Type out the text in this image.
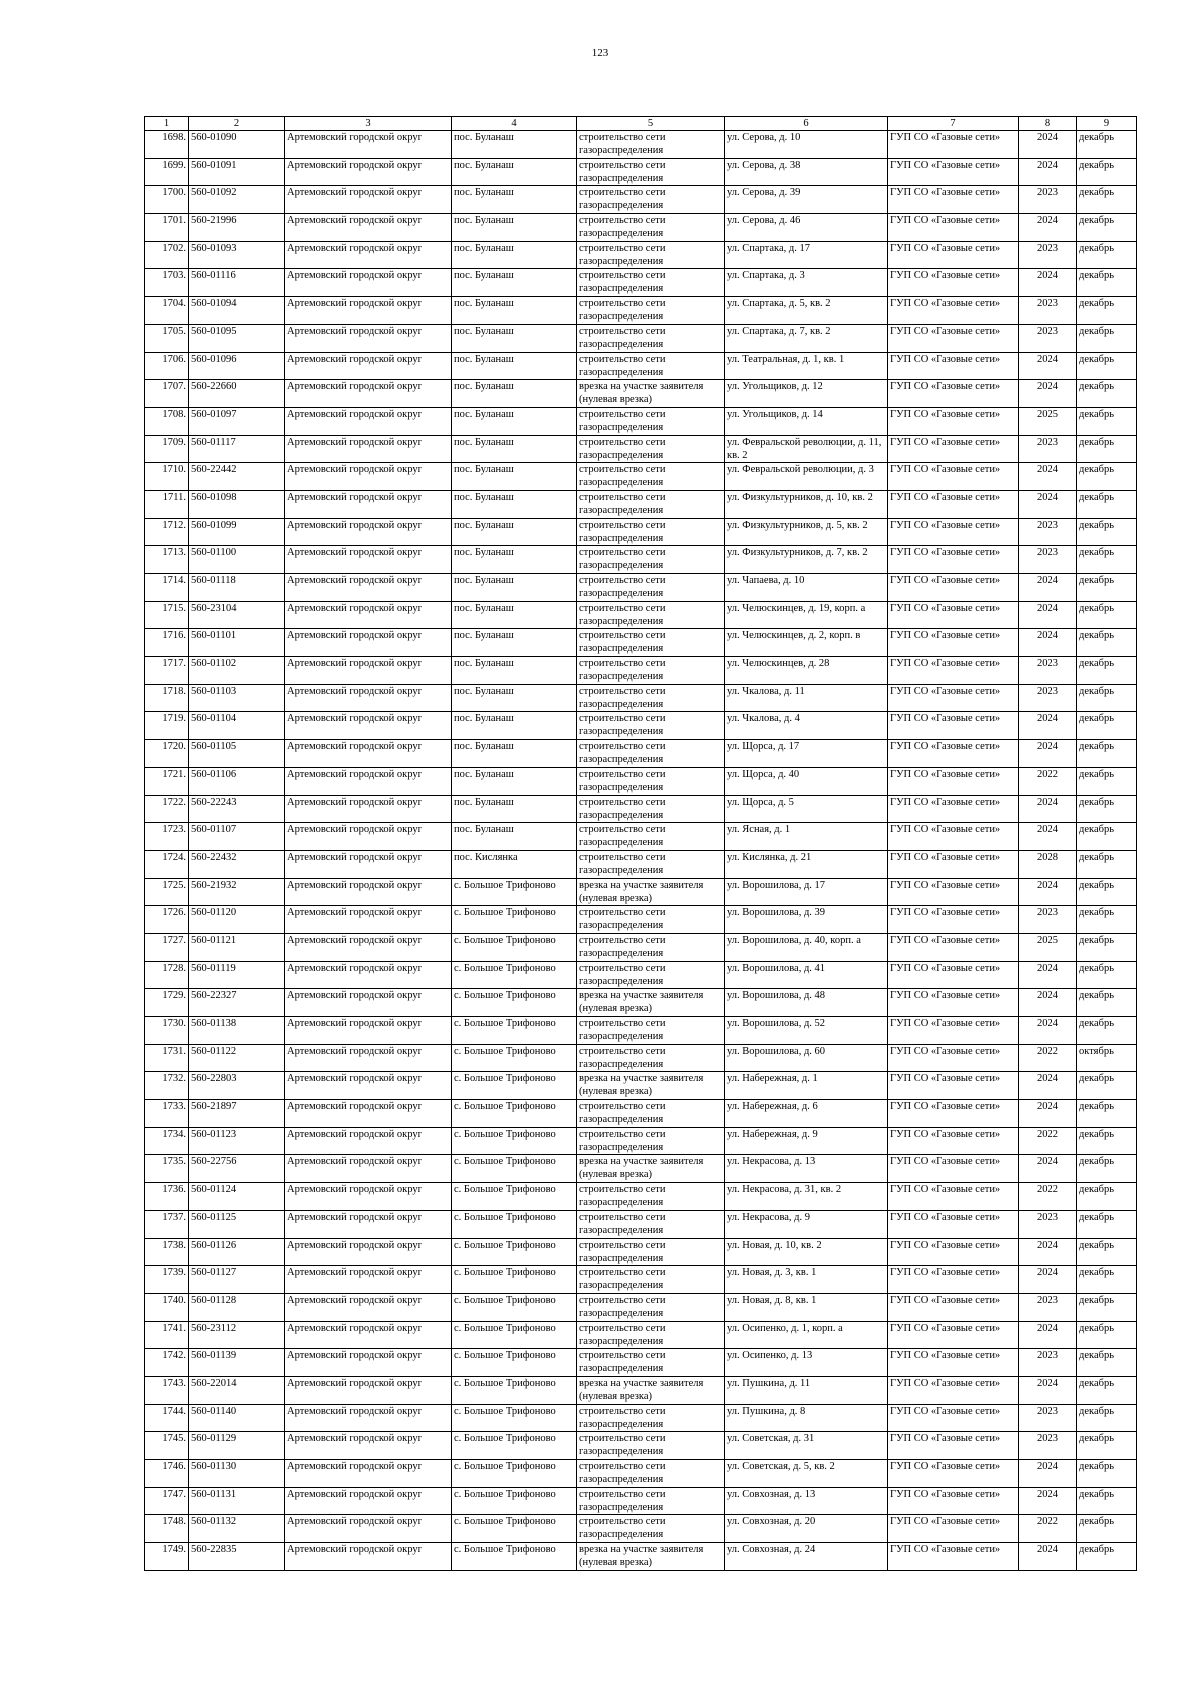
123
1	2	3	4	5	6	7	8	9
1698.	560-01090	Артемовский городской округ	пос. Буланаш	строительство сети газораспределения	ул. Серова, д. 10	ГУП СО «Газовые сети»	2024	декабрь
1699.	560-01091	Артемовский городской округ	пос. Буланаш	строительство сети газораспределения	ул. Серова, д. 38	ГУП СО «Газовые сети»	2024	декабрь
1700.	560-01092	Артемовский городской округ	пос. Буланаш	строительство сети газораспределения	ул. Серова, д. 39	ГУП СО «Газовые сети»	2023	декабрь
1701.	560-21996	Артемовский городской округ	пос. Буланаш	строительство сети газораспределения	ул. Серова, д. 46	ГУП СО «Газовые сети»	2024	декабрь
1702.	560-01093	Артемовский городской округ	пос. Буланаш	строительство сети газораспределения	ул. Спартака, д. 17	ГУП СО «Газовые сети»	2023	декабрь
1703.	560-01116	Артемовский городской округ	пос. Буланаш	строительство сети газораспределения	ул. Спартака, д. 3	ГУП СО «Газовые сети»	2024	декабрь
1704.	560-01094	Артемовский городской округ	пос. Буланаш	строительство сети газораспределения	ул. Спартака, д. 5, кв. 2	ГУП СО «Газовые сети»	2023	декабрь
1705.	560-01095	Артемовский городской округ	пос. Буланаш	строительство сети газораспределения	ул. Спартака, д. 7, кв. 2	ГУП СО «Газовые сети»	2023	декабрь
1706.	560-01096	Артемовский городской округ	пос. Буланаш	строительство сети газораспределения	ул. Театральная, д. 1, кв. 1	ГУП СО «Газовые сети»	2024	декабрь
1707.	560-22660	Артемовский городской округ	пос. Буланаш	врезка на участке заявителя (нулевая врезка)	ул. Угольщиков, д. 12	ГУП СО «Газовые сети»	2024	декабрь
1708.	560-01097	Артемовский городской округ	пос. Буланаш	строительство сети газораспределения	ул. Угольщиков, д. 14	ГУП СО «Газовые сети»	2025	декабрь
1709.	560-01117	Артемовский городской округ	пос. Буланаш	строительство сети газораспределения	ул. Февральской революции, д. 11, кв. 2	ГУП СО «Газовые сети»	2023	декабрь
1710.	560-22442	Артемовский городской округ	пос. Буланаш	строительство сети газораспределения	ул. Февральской революции, д. 3	ГУП СО «Газовые сети»	2024	декабрь
1711.	560-01098	Артемовский городской округ	пос. Буланаш	строительство сети газораспределения	ул. Физкультурников, д. 10, кв. 2	ГУП СО «Газовые сети»	2024	декабрь
1712.	560-01099	Артемовский городской округ	пос. Буланаш	строительство сети газораспределения	ул. Физкультурников, д. 5, кв. 2	ГУП СО «Газовые сети»	2023	декабрь
1713.	560-01100	Артемовский городской округ	пос. Буланаш	строительство сети газораспределения	ул. Физкультурников, д. 7, кв. 2	ГУП СО «Газовые сети»	2023	декабрь
1714.	560-01118	Артемовский городской округ	пос. Буланаш	строительство сети газораспределения	ул. Чапаева, д. 10	ГУП СО «Газовые сети»	2024	декабрь
1715.	560-23104	Артемовский городской округ	пос. Буланаш	строительство сети газораспределения	ул. Челюскинцев, д. 19, корп. а	ГУП СО «Газовые сети»	2024	декабрь
1716.	560-01101	Артемовский городской округ	пос. Буланаш	строительство сети газораспределения	ул. Челюскинцев, д. 2, корп. в	ГУП СО «Газовые сети»	2024	декабрь
1717.	560-01102	Артемовский городской округ	пос. Буланаш	строительство сети газораспределения	ул. Челюскинцев, д. 28	ГУП СО «Газовые сети»	2023	декабрь
1718.	560-01103	Артемовский городской округ	пос. Буланаш	строительство сети газораспределения	ул. Чкалова, д. 11	ГУП СО «Газовые сети»	2023	декабрь
1719.	560-01104	Артемовский городской округ	пос. Буланаш	строительство сети газораспределения	ул. Чкалова, д. 4	ГУП СО «Газовые сети»	2024	декабрь
1720.	560-01105	Артемовский городской округ	пос. Буланаш	строительство сети газораспределения	ул. Щорса, д. 17	ГУП СО «Газовые сети»	2024	декабрь
1721.	560-01106	Артемовский городской округ	пос. Буланаш	строительство сети газораспределения	ул. Щорса, д. 40	ГУП СО «Газовые сети»	2022	декабрь
1722.	560-22243	Артемовский городской округ	пос. Буланаш	строительство сети газораспределения	ул. Щорса, д. 5	ГУП СО «Газовые сети»	2024	декабрь
1723.	560-01107	Артемовский городской округ	пос. Буланаш	строительство сети газораспределения	ул. Ясная, д. 1	ГУП СО «Газовые сети»	2024	декабрь
1724.	560-22432	Артемовский городской округ	пос. Кислянка	строительство сети газораспределения	ул. Кислянка, д. 21	ГУП СО «Газовые сети»	2028	декабрь
1725.	560-21932	Артемовский городской округ	с. Большое Трифоново	врезка на участке заявителя (нулевая врезка)	ул. Ворошилова, д. 17	ГУП СО «Газовые сети»	2024	декабрь
1726.	560-01120	Артемовский городской округ	с. Большое Трифоново	строительство сети газораспределения	ул. Ворошилова, д. 39	ГУП СО «Газовые сети»	2023	декабрь
1727.	560-01121	Артемовский городской округ	с. Большое Трифоново	строительство сети газораспределения	ул. Ворошилова, д. 40, корп. а	ГУП СО «Газовые сети»	2025	декабрь
1728.	560-01119	Артемовский городской округ	с. Большое Трифоново	строительство сети газораспределения	ул. Ворошилова, д. 41	ГУП СО «Газовые сети»	2024	декабрь
1729.	560-22327	Артемовский городской округ	с. Большое Трифоново	врезка на участке заявителя (нулевая врезка)	ул. Ворошилова, д. 48	ГУП СО «Газовые сети»	2024	декабрь
1730.	560-01138	Артемовский городской округ	с. Большое Трифоново	строительство сети газораспределения	ул. Ворошилова, д. 52	ГУП СО «Газовые сети»	2024	декабрь
1731.	560-01122	Артемовский городской округ	с. Большое Трифоново	строительство сети газораспределения	ул. Ворошилова, д. 60	ГУП СО «Газовые сети»	2022	октябрь
1732.	560-22803	Артемовский городской округ	с. Большое Трифоново	врезка на участке заявителя (нулевая врезка)	ул. Набережная, д. 1	ГУП СО «Газовые сети»	2024	декабрь
1733.	560-21897	Артемовский городской округ	с. Большое Трифоново	строительство сети газораспределения	ул. Набережная, д. 6	ГУП СО «Газовые сети»	2024	декабрь
1734.	560-01123	Артемовский городской округ	с. Большое Трифоново	строительство сети газораспределения	ул. Набережная, д. 9	ГУП СО «Газовые сети»	2022	декабрь
1735.	560-22756	Артемовский городской округ	с. Большое Трифоново	врезка на участке заявителя (нулевая врезка)	ул. Некрасова, д. 13	ГУП СО «Газовые сети»	2024	декабрь
1736.	560-01124	Артемовский городской округ	с. Большое Трифоново	строительство сети газораспределения	ул. Некрасова, д. 31, кв. 2	ГУП СО «Газовые сети»	2022	декабрь
1737.	560-01125	Артемовский городской округ	с. Большое Трифоново	строительство сети газораспределения	ул. Некрасова, д. 9	ГУП СО «Газовые сети»	2023	декабрь
1738.	560-01126	Артемовский городской округ	с. Большое Трифоново	строительство сети газораспределения	ул. Новая, д. 10, кв. 2	ГУП СО «Газовые сети»	2024	декабрь
1739.	560-01127	Артемовский городской округ	с. Большое Трифоново	строительство сети газораспределения	ул. Новая, д. 3, кв. 1	ГУП СО «Газовые сети»	2024	декабрь
1740.	560-01128	Артемовский городской округ	с. Большое Трифоново	строительство сети газораспределения	ул. Новая, д. 8, кв. 1	ГУП СО «Газовые сети»	2023	декабрь
1741.	560-23112	Артемовский городской округ	с. Большое Трифоново	строительство сети газораспределения	ул. Осипенко, д. 1, корп. а	ГУП СО «Газовые сети»	2024	декабрь
1742.	560-01139	Артемовский городской округ	с. Большое Трифоново	строительство сети газораспределения	ул. Осипенко, д. 13	ГУП СО «Газовые сети»	2023	декабрь
1743.	560-22014	Артемовский городской округ	с. Большое Трифоново	врезка на участке заявителя (нулевая врезка)	ул. Пушкина, д. 11	ГУП СО «Газовые сети»	2024	декабрь
1744.	560-01140	Артемовский городской округ	с. Большое Трифоново	строительство сети газораспределения	ул. Пушкина, д. 8	ГУП СО «Газовые сети»	2023	декабрь
1745.	560-01129	Артемовский городской округ	с. Большое Трифоново	строительство сети газораспределения	ул. Советская, д. 31	ГУП СО «Газовые сети»	2023	декабрь
1746.	560-01130	Артемовский городской округ	с. Большое Трифоново	строительство сети газораспределения	ул. Советская, д. 5, кв. 2	ГУП СО «Газовые сети»	2024	декабрь
1747.	560-01131	Артемовский городской округ	с. Большое Трифоново	строительство сети газораспределения	ул. Совхозная, д. 13	ГУП СО «Газовые сети»	2024	декабрь
1748.	560-01132	Артемовский городской округ	с. Большое Трифоново	строительство сети газораспределения	ул. Совхозная, д. 20	ГУП СО «Газовые сети»	2022	декабрь
1749.	560-22835	Артемовский городской округ	с. Большое Трифоново	врезка на участке заявителя (нулевая врезка)	ул. Совхозная, д. 24	ГУП СО «Газовые сети»	2024	декабрь
